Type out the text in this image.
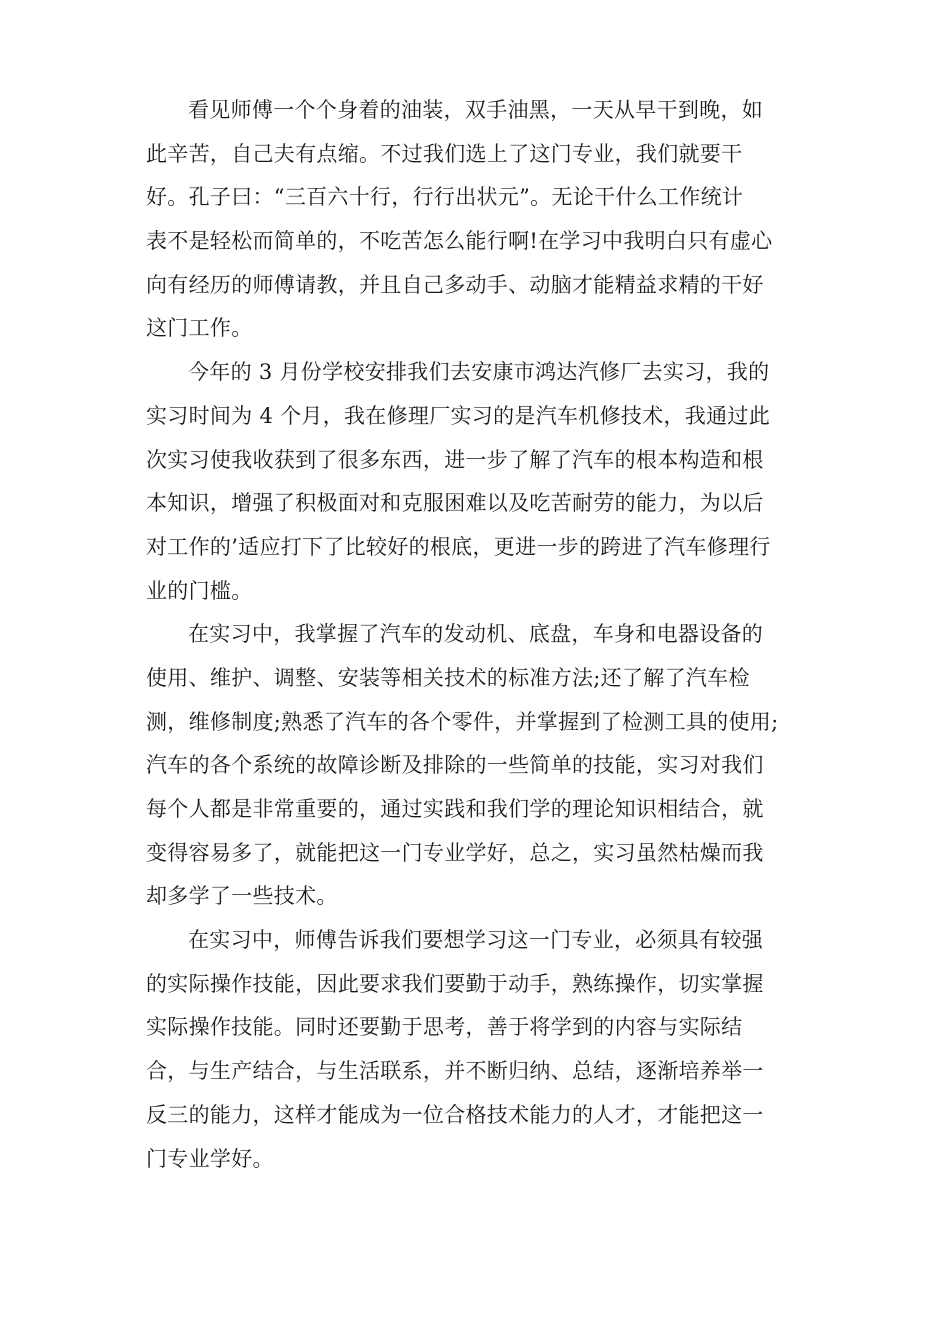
看见师傅一个个身着的油装，双手油黑，一天从早干到晚，如
此辛苦，自己夫有点缩。不过我们选上了这门专业，我们就要干
好。孔子曰：“三百六十行，行行出状元”。无论干什么工作统计
表不是轻松而简单的，不吃苦怎么能行啊!在学习中我明白只有虚心
向有经历的师傅请教，并且自己多动手、动脑才能精益求精的干好
这门工作。
今年的 3 月份学校安排我们去安康市鸿达汽修厂去实习，我的
实习时间为 4 个月，我在修理厂实习的是汽车机修技术，我通过此
次实习使我收获到了很多东西，进一步了解了汽车的根本构造和根
本知识，增强了积极面对和克服困难以及吃苦耐劳的能力，为以后
对工作的’适应打下了比较好的根底，更进一步的跨进了汽车修理行
业的门槛。
在实习中，我掌握了汽车的发动机、底盘，车身和电器设备的
使用、维护、调整、安装等相关技术的标准方法;还了解了汽车检
测，维修制度;熟悉了汽车的各个零件，并掌握到了检测工具的使用;
汽车的各个系统的故障诊断及排除的一些简单的技能，实习对我们
每个人都是非常重要的，通过实践和我们学的理论知识相结合，就
变得容易多了，就能把这一门专业学好，总之，实习虽然枯燥而我
却多学了一些技术。
在实习中，师傅告诉我们要想学习这一门专业，必须具有较强
的实际操作技能，因此要求我们要勤于动手，熟练操作，切实掌握
实际操作技能。同时还要勤于思考，善于将学到的内容与实际结
合，与生产结合，与生活联系，并不断归纳、总结，逐渐培养举一
反三的能力，这样才能成为一位合格技术能力的人才，才能把这一
门专业学好。
